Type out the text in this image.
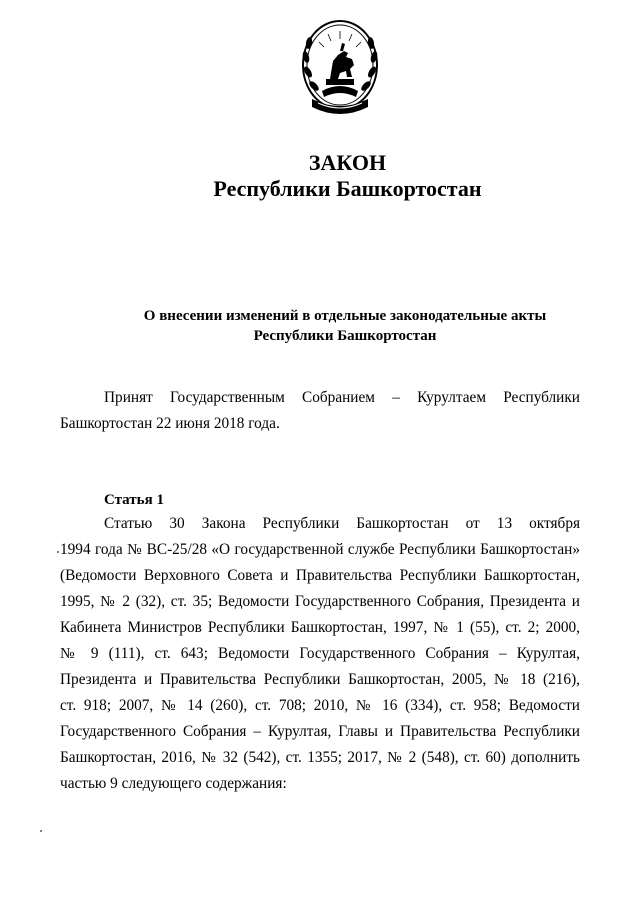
ЗАКОН
Республики Башкортостан
О внесении изменений в отдельные законодательные акты
Республики Башкортостан
Принят Государственным Собранием – Курултаем Республики
Башкортостан 22 июня 2018 года.
Статья 1
Статью 30 Закона Республики Башкортостан от 13 октября
1994 года № ВС-25/28 «О государственной службе Республики Башкортостан»
(Ведомости Верховного Совета и Правительства Республики Башкортостан,
1995, № 2 (32), ст. 35; Ведомости Государственного Собрания, Президента и
Кабинета Министров Республики Башкортостан, 1997, № 1 (55), ст. 2; 2000,
№ 9 (111), ст. 643; Ведомости Государственного Собрания – Курултая,
Президента и Правительства Республики Башкортостан, 2005, № 18 (216),
ст. 918; 2007, № 14 (260), ст. 708; 2010, № 16 (334), ст. 958; Ведомости
Государственного Собрания – Курултая, Главы и Правительства Республики
Башкортостан, 2016, № 32 (542), ст. 1355; 2017, № 2 (548), ст. 60) дополнить
частью 9 следующего содержания:
